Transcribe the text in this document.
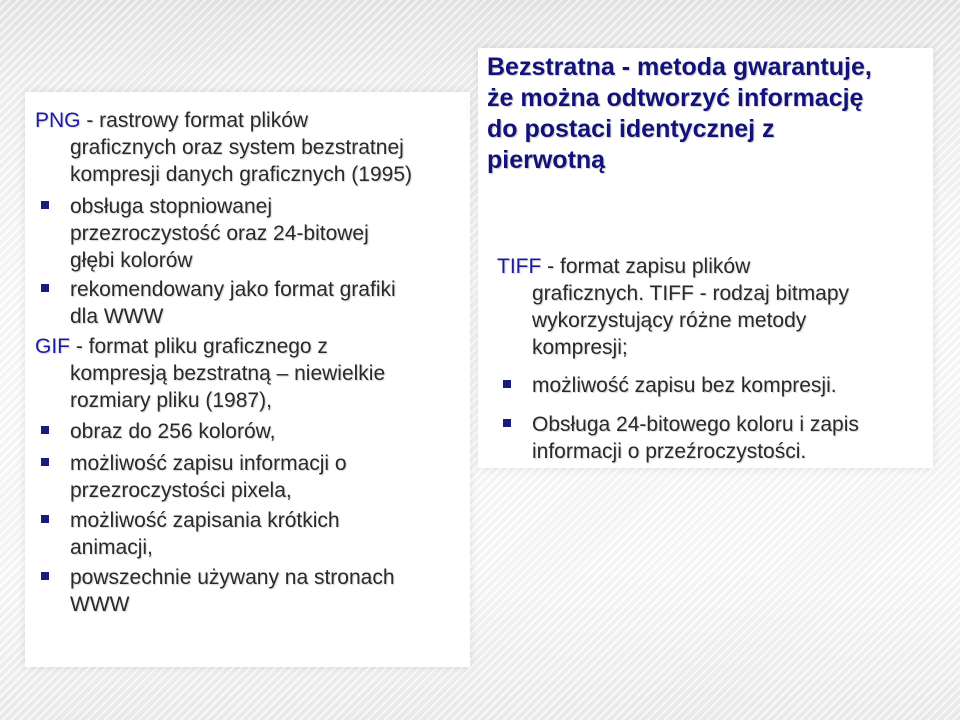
PNG - rastrowy format plików
graficznych oraz system bezstratnej
kompresji danych graficznych (1995)
obsługa stopniowanej
przezroczystość oraz 24-bitowej
głębi kolorów
rekomendowany jako format grafiki
dla WWW
GIF - format pliku graficznego z
kompresją bezstratną – niewielkie
rozmiary pliku (1987),
obraz do 256 kolorów,
możliwość zapisu informacji o
przezroczystości pixela,
możliwość zapisania krótkich
animacji,
powszechnie używany na stronach
WWW
Bezstratna - metoda gwarantuje,
że można odtworzyć informację
do postaci identycznej z
pierwotną
TIFF - format zapisu plików
graficznych. TIFF - rodzaj bitmapy
wykorzystujący różne metody
kompresji;
możliwość zapisu bez kompresji.
Obsługa 24-bitowego koloru i zapis
informacji o przeźroczystości.
